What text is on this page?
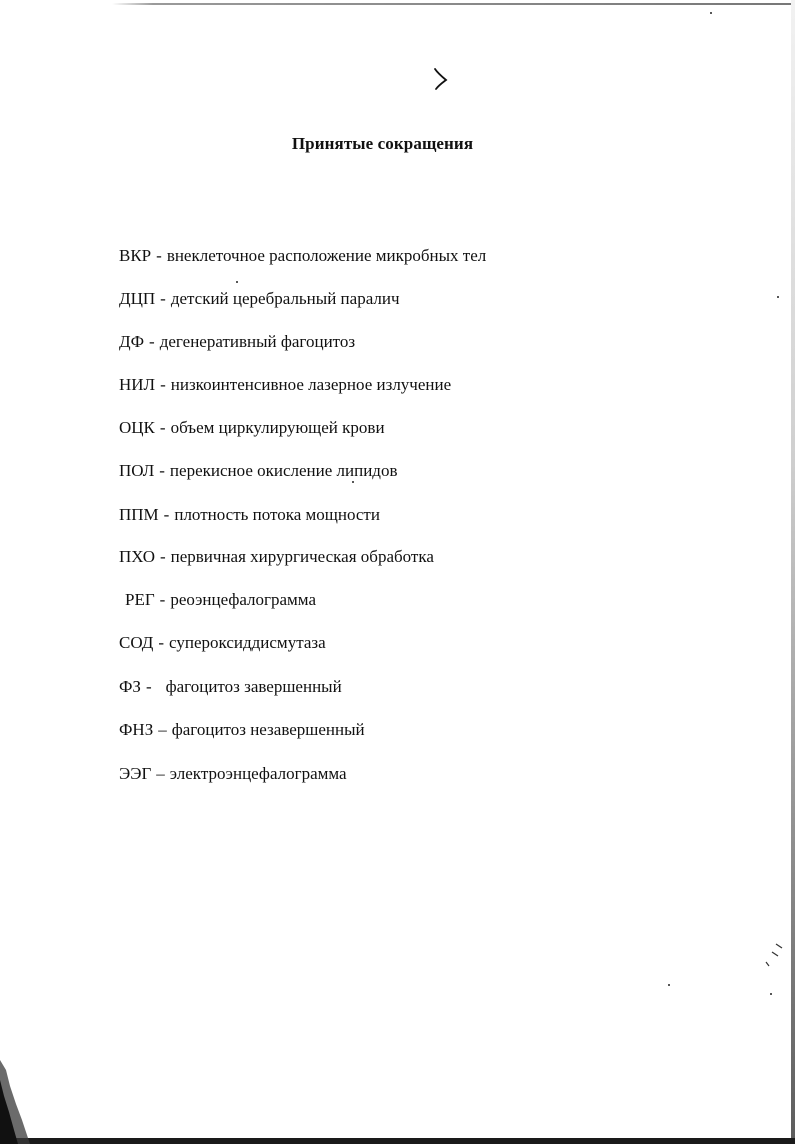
Принятые сокращения
ВКР - внеклеточное расположение микробных тел
ДЦП - детский церебральный паралич
ДФ - дегенеративный фагоцитоз
НИЛ - низкоинтенсивное лазерное излучение
ОЦК - объем циркулирующей крови
ПОЛ - перекисное окисление липидов
ППМ - плотность потока мощности
ПХО - первичная хирургическая обработка
РЕГ - реоэнцефалограмма
СОД - супероксиддисмутаза
ФЗ - фагоцитоз завершенный
ФНЗ – фагоцитоз незавершенный
ЭЭГ – электроэнцефалограмма
